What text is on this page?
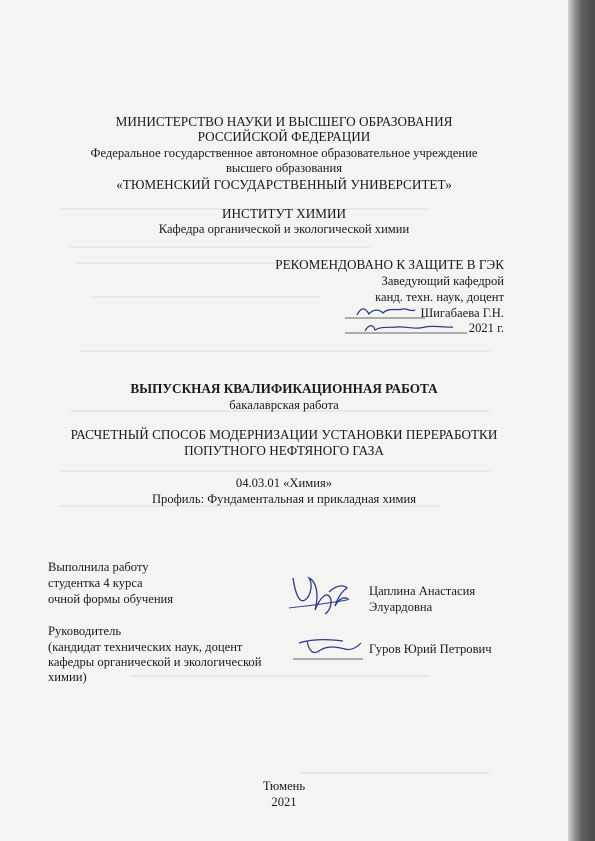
МИНИСТЕРСТВО НАУКИ И ВЫСШЕГО ОБРАЗОВАНИЯ
РОССИЙСКОЙ ФЕДЕРАЦИИ
Федеральное государственное автономное образовательное учреждение
высшего образования
«ТЮМЕНСКИЙ ГОСУДАРСТВЕННЫЙ УНИВЕРСИТЕТ»
ИНСТИТУТ ХИМИИ
Кафедра органической и экологической химии
РЕКОМЕНДОВАНО К ЗАЩИТЕ В ГЭК
Заведующий кафедрой
канд. техн. наук, доцент
Шигабаева Г.Н.
2021 г.
ВЫПУСКНАЯ КВАЛИФИКАЦИОННАЯ РАБОТА
бакалаврская работа
РАСЧЕТНЫЙ СПОСОБ МОДЕРНИЗАЦИИ УСТАНОВКИ ПЕРЕРАБОТКИ
ПОПУТНОГО НЕФТЯНОГО ГАЗА
04.03.01 «Химия»
Профиль: Фундаментальная и прикладная химия
Выполнила работу
студентка 4 курса
очной формы обучения
Цаплина Анастасия
Элуардовна
Руководитель
(кандидат технических наук, доцент
кафедры органической и экологической
химии)
Гуров Юрий Петрович
Тюмень
2021
